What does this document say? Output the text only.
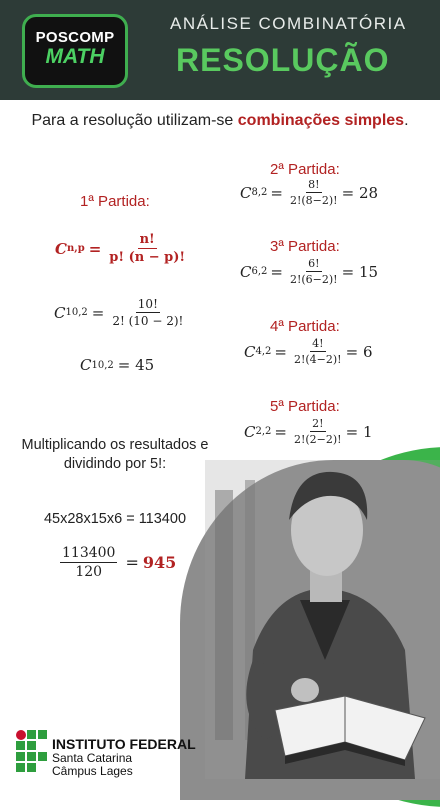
POSCOMP
MATH
ANÁLISE COMBINATÓRIA
RESOLUÇÃO
Para a resolução utilizam-se combinações simples.
1ª Partida:
C $n,p = \frac{n!}{p! (n - p)!}$
C $10,2 = \frac{10!}{2! (10 - 2)!}$
C 10,2 = 45
Multiplicando os resultados e dividindo por 5!:
45x28x15x6 = 113400
$\frac{113400}{120} = 945$
2ª Partida:
C $8,2 = \frac{8!}{2!(8-2)!} = 28$
3ª Partida:
C $6,2 = \frac{6!}{2!(6-2)!} = 15$
4ª Partida:
C $4,2 = \frac{4!}{2!(4-2)!} = 6$
5ª Partida:
C $2,2 = \frac{2!}{2!(2-2)!} = 1$
INSTITUTO FEDERAL
Santa Catarina
Câmpus Lages
